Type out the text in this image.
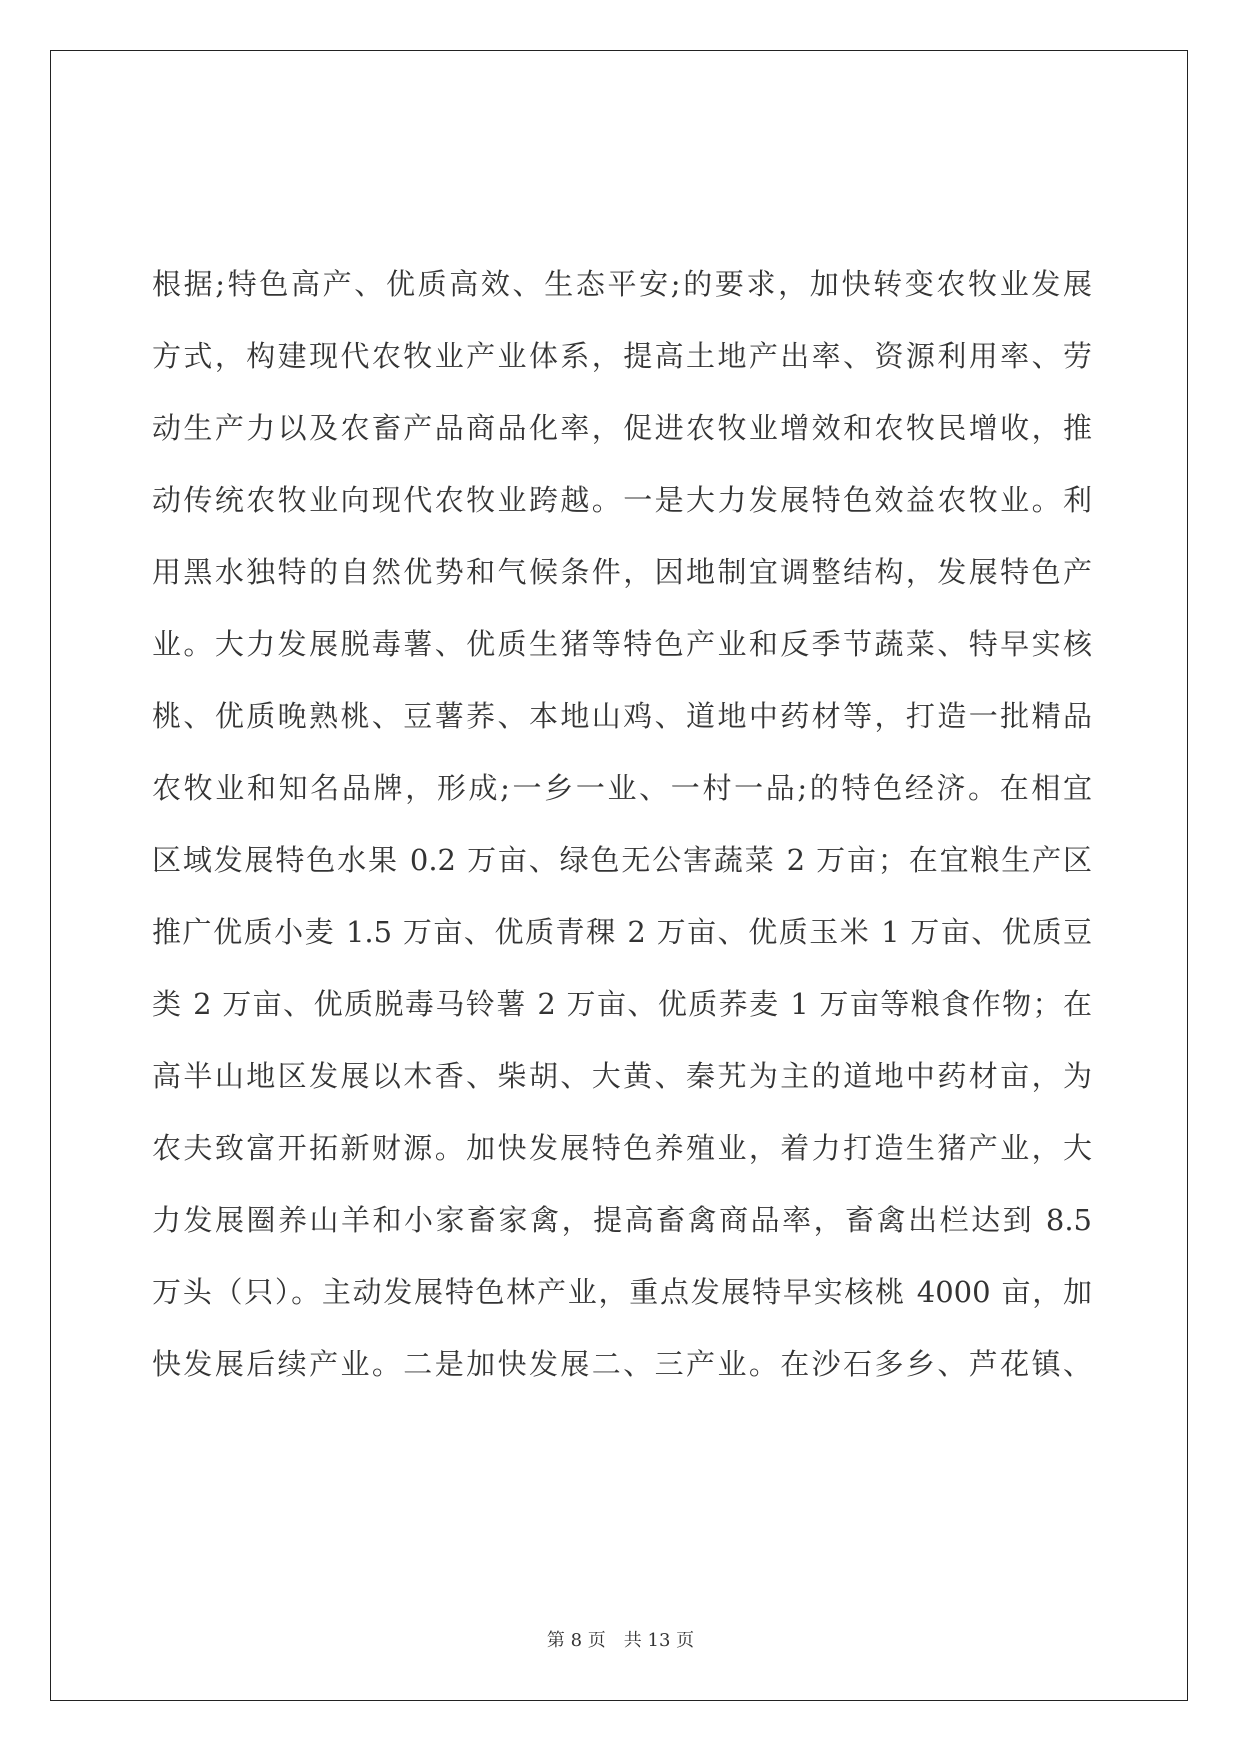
根据;特色高产、优质高效、生态平安;的要求，加快转变农牧业发展
方式，构建现代农牧业产业体系，提高土地产出率、资源利用率、劳
动生产力以及农畜产品商品化率，促进农牧业增效和农牧民增收，推
动传统农牧业向现代农牧业跨越。一是大力发展特色效益农牧业。利
用黑水独特的自然优势和气候条件，因地制宜调整结构，发展特色产
业。大力发展脱毒薯、优质生猪等特色产业和反季节蔬菜、特早实核
桃、优质晚熟桃、豆薯荞、本地山鸡、道地中药材等，打造一批精品
农牧业和知名品牌，形成;一乡一业、一村一品;的特色经济。在相宜
区域发展特色水果 0.2 万亩、绿色无公害蔬菜 2 万亩；在宜粮生产区
推广优质小麦 1.5 万亩、优质青稞 2 万亩、优质玉米 1 万亩、优质豆
类 2 万亩、优质脱毒马铃薯 2 万亩、优质荞麦 1 万亩等粮食作物；在
高半山地区发展以木香、柴胡、大黄、秦艽为主的道地中药材亩，为
农夫致富开拓新财源。加快发展特色养殖业，着力打造生猪产业，大
力发展圈养山羊和小家畜家禽，提高畜禽商品率，畜禽出栏达到 8.5
万头（只）。主动发展特色林产业，重点发展特早实核桃 4000 亩，加
快发展后续产业。二是加快发展二、三产业。在沙石多乡、芦花镇、
第 8 页 共 13 页
